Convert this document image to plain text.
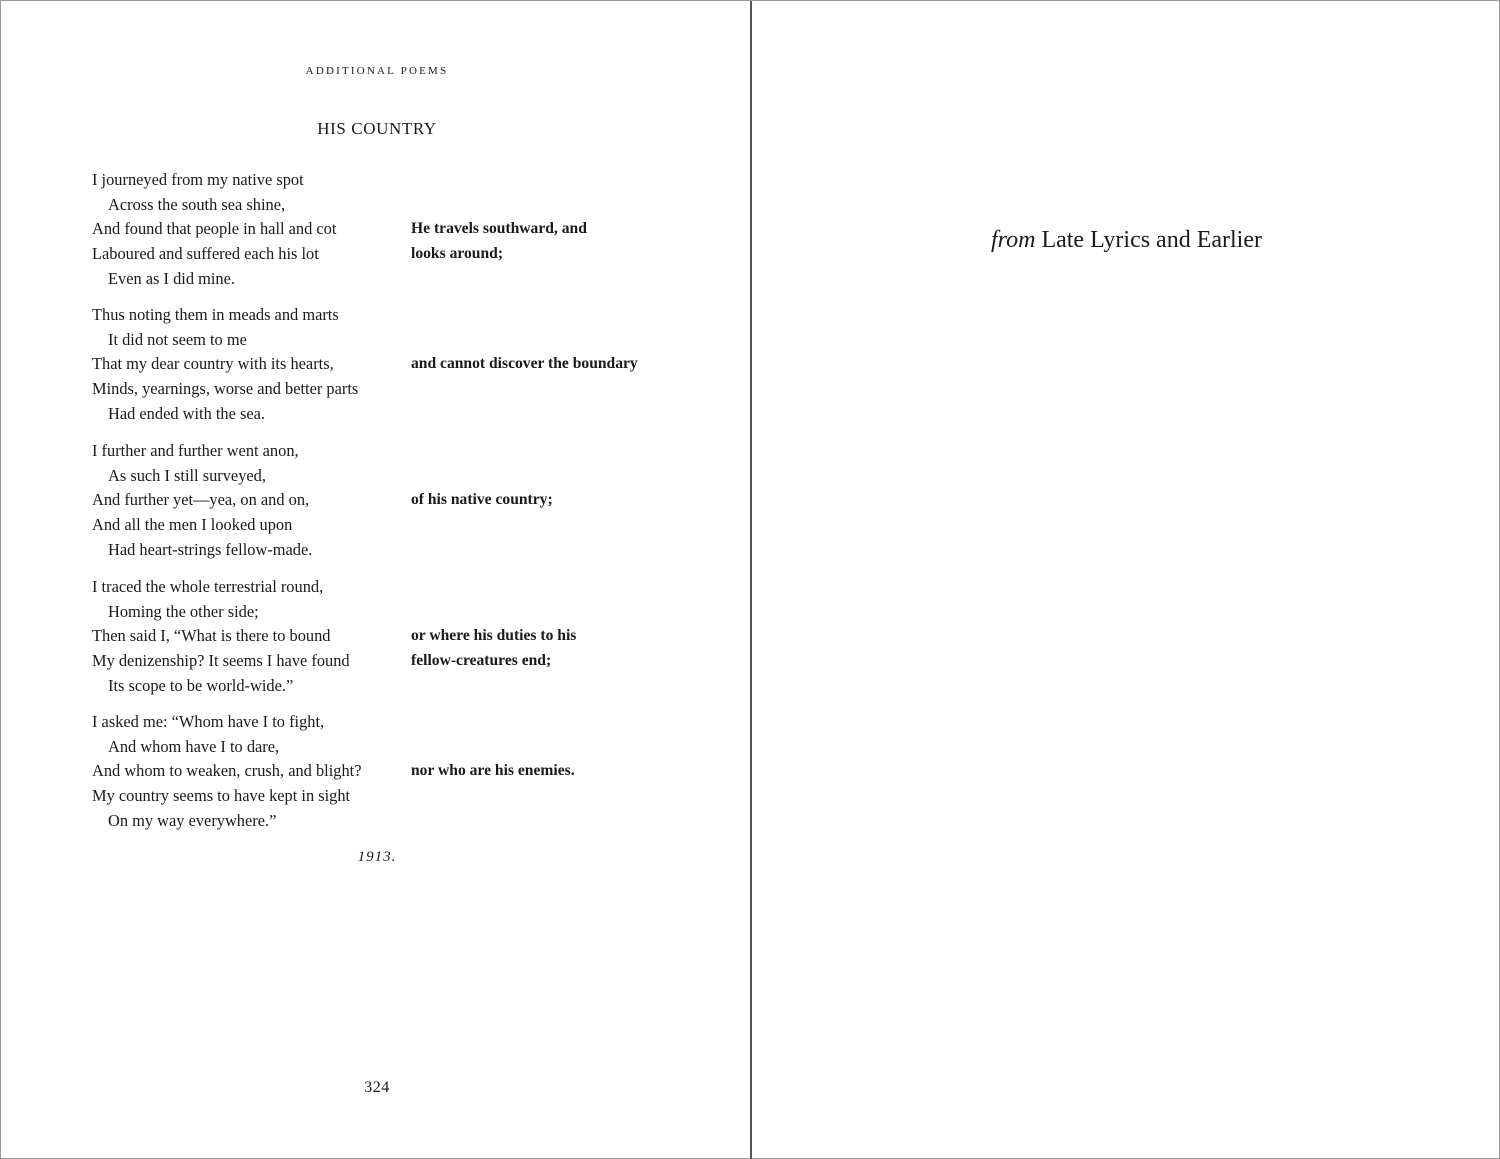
ADDITIONAL POEMS
HIS COUNTRY
I journeyed from my native spot
Across the south sea shine,
And found that people in hall and cot	He travels southward, and
Laboured and suffered each his lot	looks around;
Even as I did mine.
Thus noting them in meads and marts
It did not seem to me
That my dear country with its hearts,	and cannot discover the boundary
Minds, yearnings, worse and better parts
Had ended with the sea.
I further and further went anon,
As such I still surveyed,
And further yet—yea, on and on,	of his native country;
And all the men I looked upon
Had heart-strings fellow-made.
I traced the whole terrestrial round,
Homing the other side;
Then said I, “What is there to bound	or where his duties to his
My denizenship? It seems I have found	fellow-creatures end;
Its scope to be world-wide.”
I asked me: “Whom have I to fight,
And whom have I to dare,
And whom to weaken, crush, and blight?	nor who are his enemies.
My country seems to have kept in sight
On my way everywhere.”
1913.
324
from Late Lyrics and Earlier
